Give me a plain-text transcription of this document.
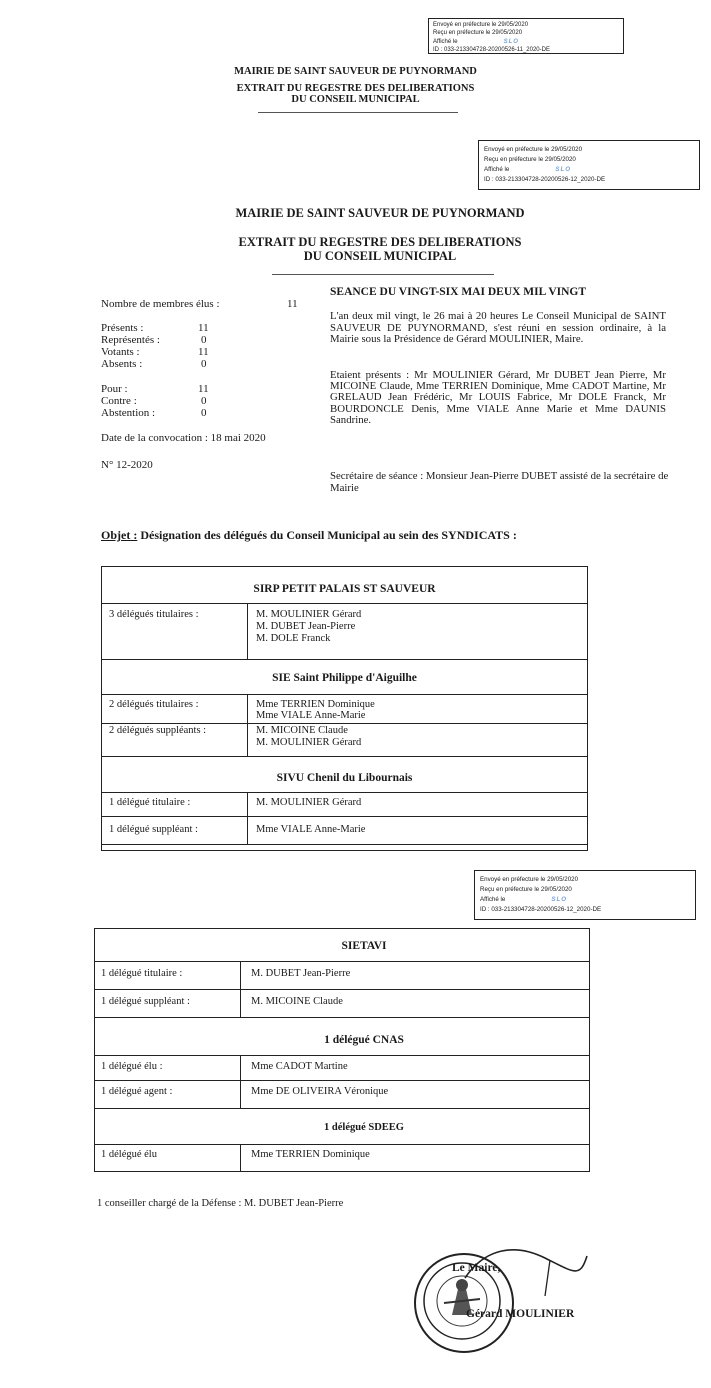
Envoyé en préfecture le 29/05/2020
Reçu en préfecture le 29/05/2020
Affiché le	SLO
ID : 033-213304728-20200526-11_2020-DE
MAIRIE DE SAINT SAUVEUR DE PUYNORMAND
EXTRAIT DU REGESTRE DES DELIBERATIONS
DU CONSEIL MUNICIPAL
Envoyé en préfecture le 29/05/2020
Reçu en préfecture le 29/05/2020
Affiché le	SLO
ID : 033-213304728-20200526-12_2020-DE
MAIRIE DE SAINT SAUVEUR DE PUYNORMAND
EXTRAIT DU REGESTRE DES DELIBERATIONS
DU CONSEIL MUNICIPAL
Nombre de membres élus :	11
Présents :	11
Représentés :	0
Votants :	11
Absents :	0
Pour :	11
Contre :	0
Abstention :	0
Date de la convocation : 18 mai 2020
N° 12-2020
SEANCE DU VINGT-SIX MAI DEUX MIL VINGT
L'an deux mil vingt, le 26 mai à 20 heures Le Conseil Municipal de SAINT SAUVEUR DE PUYNORMAND, s'est réuni en session ordinaire, à la Mairie sous la Présidence de Gérard MOULINIER, Maire.
Etaient présents : Mr MOULINIER Gérard, Mr DUBET Jean Pierre, Mr MICOINE Claude, Mme TERRIEN Dominique, Mme CADOT Martine, Mr GRELAUD Jean Frédéric, Mr LOUIS Fabrice, Mr DOLE Franck, Mr BOURDONCLE Denis, Mme VIALE Anne Marie et Mme DAUNIS Sandrine.
Secrétaire de séance : Monsieur Jean-Pierre DUBET assisté de la secrétaire de Mairie
Objet : Désignation des délégués du Conseil Municipal au sein des SYNDICATS :
SIRP PETIT PALAIS ST SAUVEUR
3 délégués titulaires :	M. MOULINIER Gérard
M. DUBET Jean-Pierre
M. DOLE Franck
SIE Saint Philippe d'Aiguilhe
2 délégués titulaires :	Mme TERRIEN Dominique
Mme VIALE Anne-Marie
2 délégués suppléants :	M. MICOINE Claude
M. MOULINIER Gérard
SIVU Chenil du Libournais
1 délégué titulaire :	M. MOULINIER Gérard
1 délégué suppléant :	Mme VIALE Anne-Marie
Envoyé en préfecture le 29/05/2020
Reçu en préfecture le 29/05/2020
Affiché le	SLO
ID : 033-213304728-20200526-12_2020-DE
SIETAVI
1 délégué titulaire :	M. DUBET Jean-Pierre
1 délégué suppléant :	M. MICOINE Claude
1 délégué CNAS
1 délégué élu :	Mme CADOT Martine
1 délégué agent :	Mme DE OLIVEIRA Véronique
1 délégué SDEEG
1 délégué élu	Mme TERRIEN Dominique
1 conseiller chargé de la Défense : M. DUBET Jean-Pierre
Le Maire,
Gérard MOULINIER
